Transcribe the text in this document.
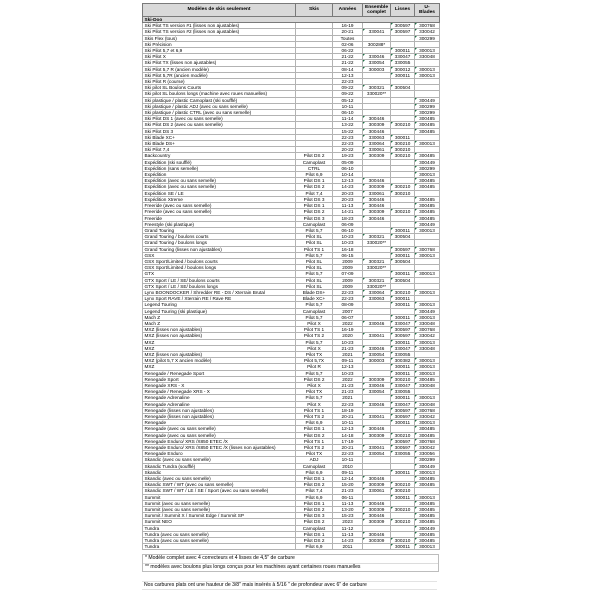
Modèles de skis seulement	Skis	Années	Ensemble complet	Lisses	U-Blades
Ski-Doo					
Ski Pilot TS version #1 (lisses non ajustables)		16-19		300597	300768
Ski Pilot TS version #2 (lisses non ajustables)		20-21	330041	300597	330042
Skis Flex (tous)		Toutes			300299
Ski Précision		02-06	300288*		
Ski Pilot 5,7 et 6,9		06-22		300011	300013
Ski Pilot X		21-22	330046	330047	330048
Ski Pilot TX (lisses non ajustables)		21-22	330054	330055	
Ski Pilot 5,7 R (ancien modèle)		08-14	300003	300012	300013
Ski Pilot 5,7R (ancien modèle)		12-13		300011	300013
Ski Pilot R (course)		22-23			
Ski pilot SL Boulons Courts		09-22	300321	300504	
Ski pilot SL boulons longs (machine avec roues manuelles)		09-22	330020**		
Ski plastique / plastic Camoplast (ski soufflé)		05-12			300449
Ski plastique / plastic ADJ (avec ou sans semelle)		10-11			300299
Ski plastique / plastic CTRL (avec ou sans semelle)		06-10			300299
Ski Pilot DS 1 (avec ou sans semelle)		11-14	300446		300485
Ski Pilot DS 2 (avec ou sans semelle)		13-22	300309	300210	300485
Ski Pilot DS 3		15-22	300446		300485
Ski Blade XC+		22-23	330063	300011	
Ski Blade DS+		22-23	330064	300210	300013
Ski Pilot 7,4		20-22	330061	300210	
Backcountry	Pilot DS 2	19-23	300309	300210	300485
Expédition (ski soufflé)	Camoplast	05-09			300449
Expédition (sans semelle)	CTRL	06-10			300299
Expédition	Pilot 6,9	10-14			300013
Expédition (avec ou sans semelle)	Pilot DS 1	12-13	300446		300485
Expédition (avec ou sans semelle)	Pilot DS 2	14-23	300309	300210	300485
Expédition SE / LE	Pilot 7,4	20-23	330061	300210	
Expédition Xtreme	Pilot DS 3	20-23	300446		300485
Freeride (avec ou sans semelle)	Pilot DS 1	11-13	300446		300485
Freeride (avec ou sans semelle)	Pilot DS 2	14-21	300309	300210	300485
Freeride	Pilot DS 3	18-23	300446		300485
Freestyle (ski plastique)	Camoplast	06-09			300449
Grand Touring	Pilot 5,7	06-10		300011	300013
Grand Touring / boulons courts	Pilot SL	10-23	300321	300504	
Grand Touring / boulons longs	Pilot SL	10-23	330020**		
Grand Touring (lisses non ajustables)	Pilot TS 1	16-18		300597	300768
GSX	Pilot 5,7	06-15		300011	300013
GSX Sport/Limited / boulons courts	Pilot SL	2009	300321	300504	
GSX Sport/Limited / boulons longs	Pilot SL	2009	330020**		
GTX	Pilot 5,7	07-09		300011	300013
GTX Sport / LE / SE/ boulons courts	Pilot SL	2009	300321	300504	
GTX Sport / LE / SE/ boulons longs	Pilot SL	2009	330020**		
Lynx BOONDOCKER / Shredder RE - DS / Xterrain Brutal	Blade DS+	22-23	330064	300210	300013
Lynx Sport RAVE / Xterrain RE / Rave RE	Blade XC+	22-23	330063	300011	
Legend Touring	Pilot 5,7	08-09		300011	300013
Legend Touring (ski plastique)	Camoplast	2007			300449
Mach Z	Pilot 5,7	06-07		300011	300013
Mach Z	Pilot X	2022	330046	330047	330048
MXZ (lisses non ajustables)	Pilot TS 1	16-19		300597	300768
MXZ (lisses non ajustables)	Pilot TS 2	2020	330041	300597	330042
MXZ	Pilot 5,7	10-23		300011	300013
MXZ	Pilot X	21-23	330046	330047	330048
MXZ (lisses non ajustables)	Pilot TX	2021	330054	330055	
MXZ (pilot 5,7 X ancien modèle)	Pilot 5,7X	09-11	300003	300382	300013
MXZ	Pilot R	12-13		300011	300013
Renegade / Renegade Sport	Pilot 5,7	10-23		300011	300013
Renegade Sport	Pilot DS 2	2022	300309	300210	300485
Renegade XRS - X	Pilot X	21-23	330046	330047	330048
Renegade / Renegade XRS - X	Pilot TX	21-23	330054	330055	
Renegade Adrenaline	Pilot 5,7	2021		300011	300013
Renegade Adrenaline	Pilot X	22-23	330046	330047	330048
Renegade (lisses non ajustables)	Pilot TS 1	18-19		300597	300768
Renegade (lisses non ajustables)	Pilot TS 2	20-21	330041	300597	330042
Renegade	Pilot 6,9	10-11		300011	300013
Renegade (avec ou sans semelle)	Pilot DS 1	12-13	300446		300485
Renegade (avec ou sans semelle)	Pilot DS 2	14-18	300309	300210	300485
Renegade Enduro/ XRS /X850 ETEC /X	Pilot TS 1	17-19		300597	300768
Renegade Enduro/ XRS /X850 ETEC /X (lisses non ajustables)	Pilot TS 2	20-21	330041	300597	330042
Renegade Enduro	Pilot TX	22-23	330054	330055	330056
Skandic (avec ou sans semelle)	ADJ	10-11			300299
Skandic Tundra (soufflé)	Camoplast	2010			300449
Skandic	Pilot 6,9	09-11		300011	300013
Skandic (avec ou sans semelle)	Pilot DS 1	12-14	300446		300485
Skandic SWT / WT (avec ou sans semelle)	Pilot DS 2	15-20	300309	300210	300485
Skandic SWT / WT / LE / SE / Sport (avec ou sans semelle)	Pilot 7,4	21-23	330061	300210	
Summit	Pilot 6,9	06-11		300011	300013
Summit (avec ou sans semelle)	Pilot DS 1	11-13	300446		300485
Summit (avec ou sans semelle)	Pilot DS 2	13-20	300309	300210	300485
Summit / Summit X / Summit Edge / Summit SP	Pilot DS 3	15-23	300446		300485
Summit NEO	Pilot DS 2	2023	300309	300210	300485
Tundra	Camoplast	11-12			300449
Tundra (avec ou sans semelle)	Pilot DS 1	11-13	300446		300485
Tundra (avec ou sans semelle)	Pilot DS 2	14-23	300309	300210	300485
Tundra	Pilot 6,9	2011		300011	300013
* Modèle complet avec 4 correcteurs et 4 lisses de 4,5" de carbure
** modèles avec boulons plus longs conçus pour les machines ayant certaines roues manuelles
Nos carbures plats ont une hauteur de 3/8" mais insérés à 5/16 " de profondeur avec 6" de carbure
